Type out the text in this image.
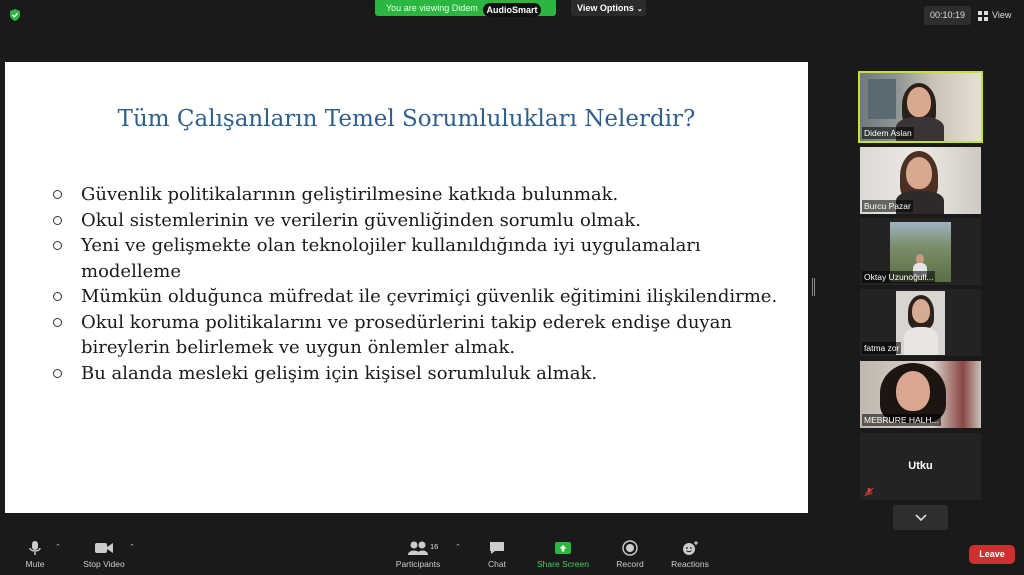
You are viewing Didem AudioSmart	View Options ⌄
00:10:19	View
Tüm Çalışanların Temel Sorumlulukları Nelerdir?
Güvenlik politikalarının geliştirilmesine katkıda bulunmak.
Okul sistemlerinin ve verilerin güvenliğinden sorumlu olmak.
Yeni ve gelişmekte olan teknolojiler kullanıldığında iyi uygulamaları modelleme
Mümkün olduğunca müfredat ile çevrimiçi güvenlik eğitimini ilişkilendirme.
Okul koruma politikalarını ve prosedürlerini takip ederek endişe duyan bireylerin belirlemek ve uygun önlemler almak.
Bu alanda mesleki gelişim için kişisel sorumluluk almak.
Didem Aslan
Burcu Pazar
Oktay Uzunoğull...
fatma zor
MEBRURE HALH...
Utku
Mute
⌃
Stop Video
⌃
Participants
16 ⌃
Chat	Share Screen	Record	Reactions
Leave
